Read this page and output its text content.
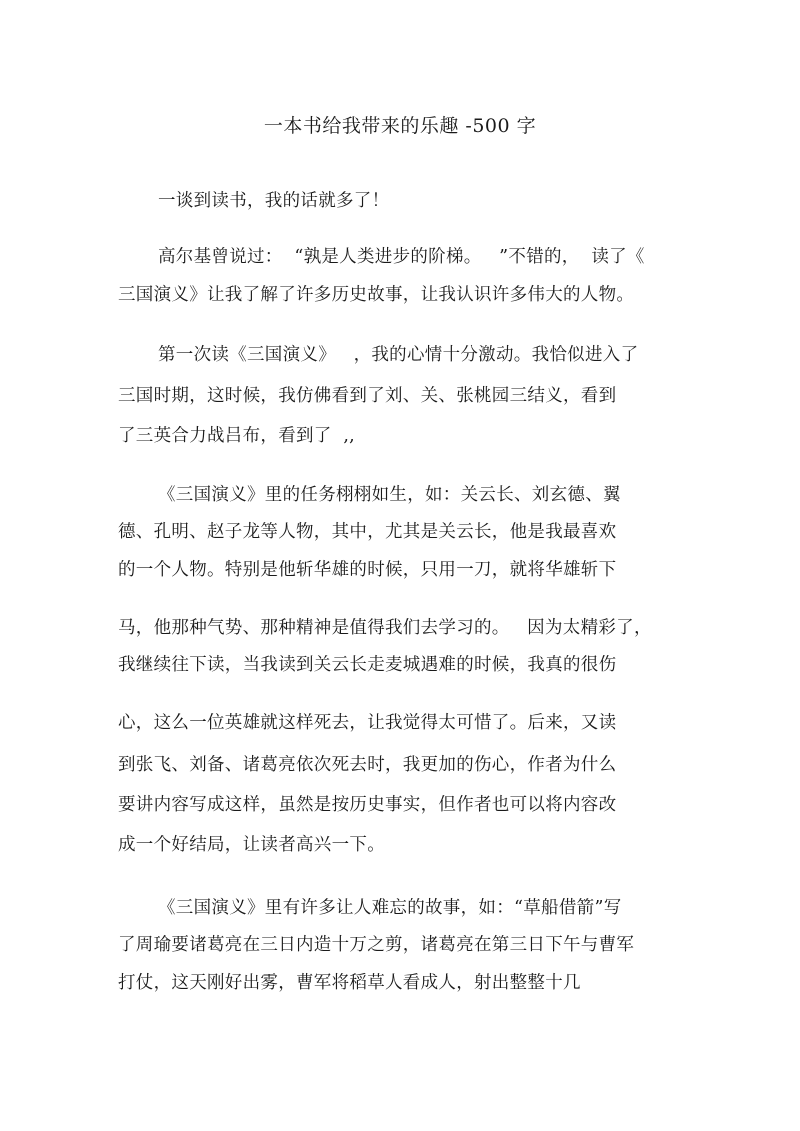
一本书给我带来的乐趣 -500 字
一谈到读书，我的话就多了！
高尔基曾说过：  “孰是人类进步的阶梯。   ”不错的，  读了《
三国演义》让我了解了许多历史故事，让我认识许多伟大的人物。
第一次读《三国演义》   ，我的心情十分激动。我恰似进入了
三国时期，这时候，我仿佛看到了刘、关、张桃园三结义，看到
了三英合力战吕布，看到了  ,,
《三国演义》里的任务栩栩如生，如：关云长、刘玄德、翼
德、孔明、赵子龙等人物，其中，尤其是关云长，他是我最喜欢
的一个人物。特别是他斩华雄的时候，只用一刀，就将华雄斩下
马，他那种气势、那种精神是值得我们去学习的。   因为太精彩了，
我继续往下读，当我读到关云长走麦城遇难的时候，我真的很伤
心，这么一位英雄就这样死去，让我觉得太可惜了。后来，又读
到张飞、刘备、诸葛亮依次死去时，我更加的伤心，作者为什么
要讲内容写成这样，虽然是按历史事实，但作者也可以将内容改
成一个好结局，让读者高兴一下。
《三国演义》里有许多让人难忘的故事，如：“草船借箭”写
了周瑜要诸葛亮在三日内造十万之剪，诸葛亮在第三日下午与曹军
打仗，这天刚好出雾，曹军将稻草人看成人，射出整整十几
